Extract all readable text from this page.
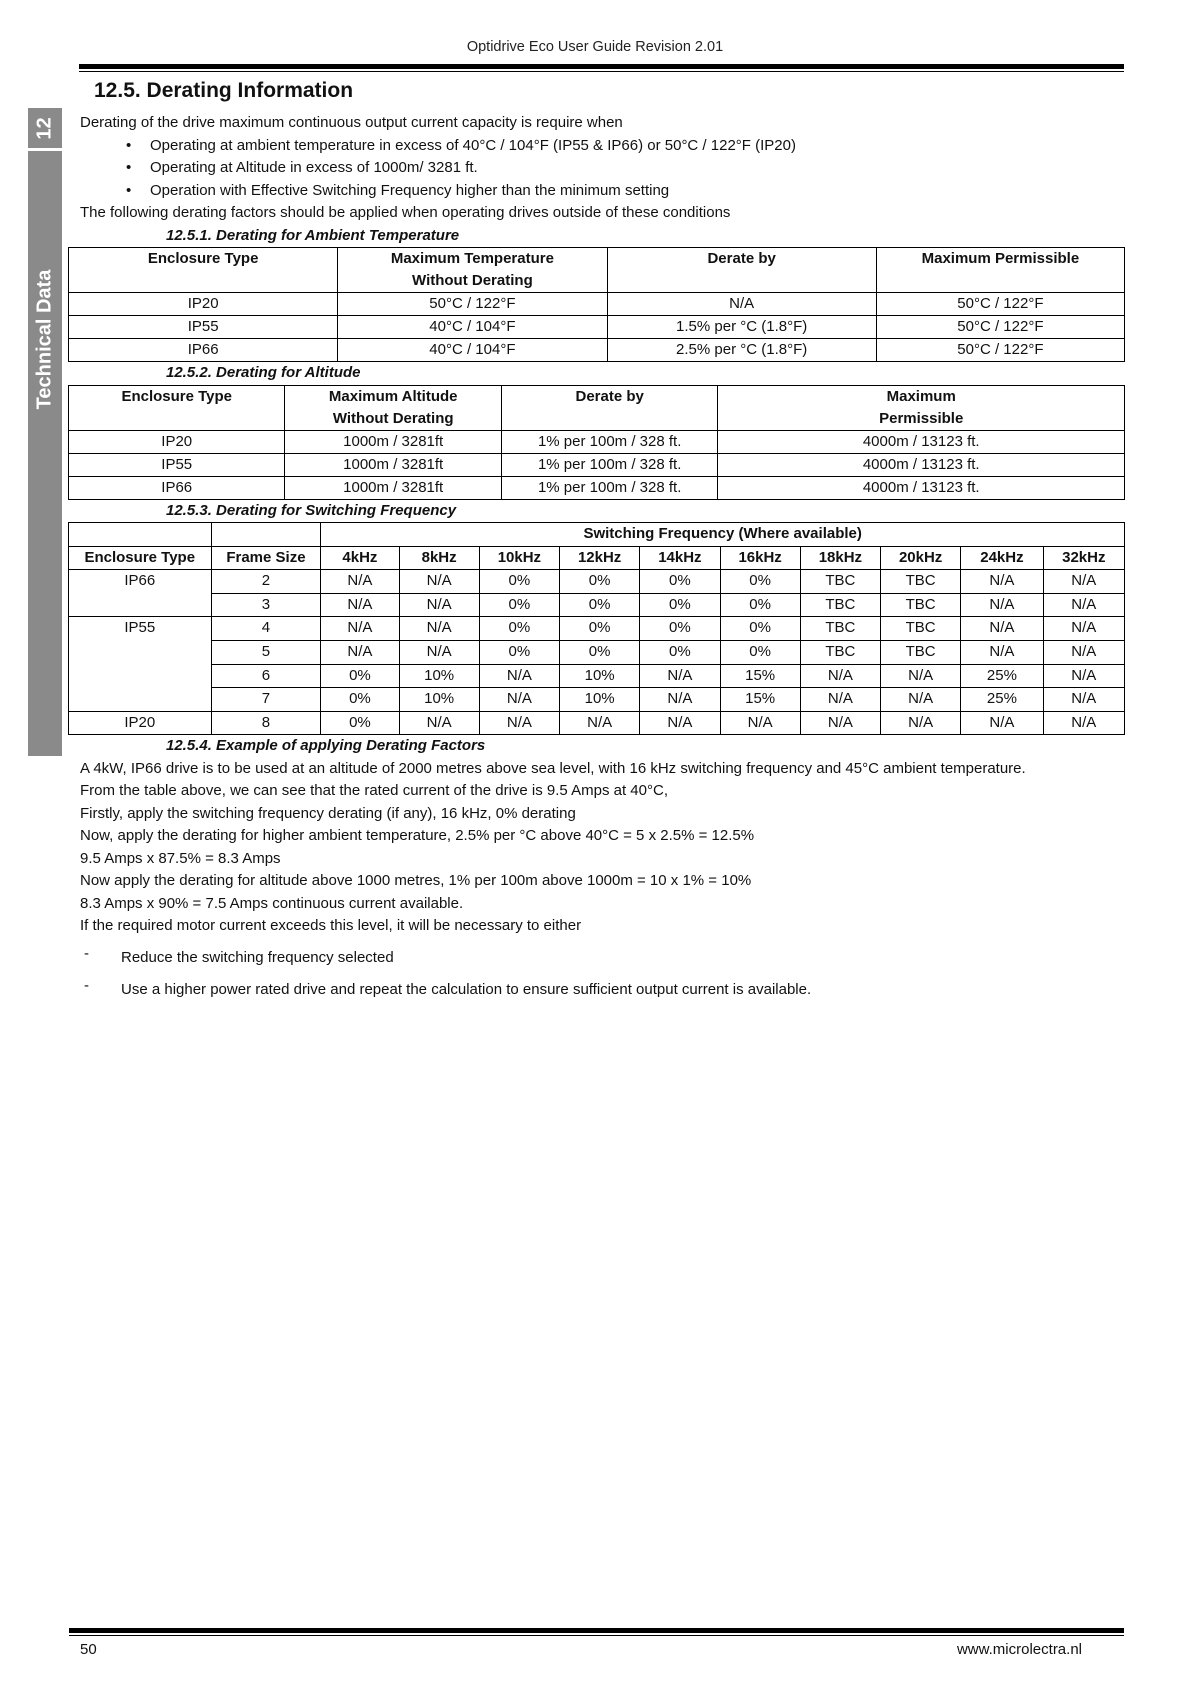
Optidrive Eco User Guide Revision 2.01
12
Technical Data
12.5. Derating Information

Derating of the drive maximum continuous output current capacity is require when

• Operating at ambient temperature in excess of 40°C / 104°F (IP55 & IP66) or 50°C / 122°F (IP20)
• Operating at Altitude in excess of 1000m/ 3281 ft.
• Operation with Effective Switching Frequency higher than the minimum setting

The following derating factors should be applied when operating drives outside of these conditions

12.5.1. Derating for Ambient Temperature
Enclosure Type	Maximum Temperature Without Derating	Derate by	Maximum Permissible
IP20	50°C / 122°F	N/A	50°C / 122°F
IP55	40°C / 104°F	1.5% per °C (1.8°F)	50°C / 122°F
IP66	40°C / 104°F	2.5% per °C (1.8°F)	50°C / 122°F
12.5.2. Derating for Altitude
Enclosure Type	Maximum Altitude Without Derating	Derate by	Maximum Permissible
IP20	1000m / 3281ft	1% per 100m / 328 ft.	4000m / 13123 ft.
IP55	1000m / 3281ft	1% per 100m / 328 ft.	4000m / 13123 ft.
IP66	1000m / 3281ft	1% per 100m / 328 ft.	4000m / 13123 ft.
12.5.3. Derating for Switching Frequency
		Switching Frequency (Where available)									
Enclosure Type	Frame Size	4kHz	8kHz	10kHz	12kHz	14kHz	16kHz	18kHz	20kHz	24kHz	32kHz
IP66	2	N/A	N/A	0%	0%	0%	0%	TBC	TBC	N/A	N/A
	3	N/A	N/A	0%	0%	0%	0%	TBC	TBC	N/A	N/A
IP55	4	N/A	N/A	0%	0%	0%	0%	TBC	TBC	N/A	N/A
	5	N/A	N/A	0%	0%	0%	0%	TBC	TBC	N/A	N/A
	6	0%	10%	N/A	10%	N/A	15%	N/A	N/A	25%	N/A
	7	0%	10%	N/A	10%	N/A	15%	N/A	N/A	25%	N/A
IP20	8	0%	N/A	N/A	N/A	N/A	N/A	N/A	N/A	N/A	N/A
12.5.4. Example of applying Derating Factors

A 4kW, IP66 drive is to be used at an altitude of 2000 metres above sea level, with 16 kHz switching frequency and 45°C ambient temperature.

From the table above, we can see that the rated current of the drive is 9.5 Amps at 40°C,

Firstly, apply the switching frequency derating (if any), 16 kHz, 0% derating

Now, apply the derating for higher ambient temperature, 2.5% per °C above 40°C = 5 x 2.5% = 12.5%

9.5 Amps x 87.5% = 8.3 Amps

Now apply the derating for altitude above 1000 metres, 1% per 100m above 1000m = 10 x 1% = 10%

8.3 Amps x 90% = 7.5 Amps continuous current available.

If the required motor current exceeds this level, it will be necessary to either

- Reduce the switching frequency selected
- Use a higher power rated drive and repeat the calculation to ensure sufficient output current is available.
50	www.microlectra.nl
